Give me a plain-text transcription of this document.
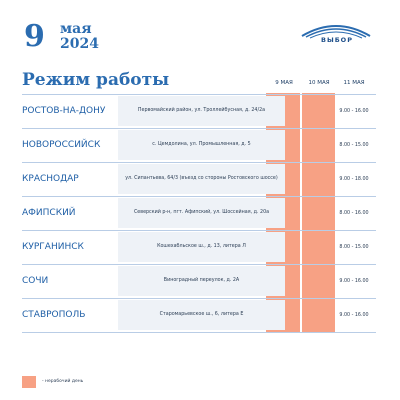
9 мая
2024	ВЫБОР
Режим работы	9 МАЯ	10 МАЯ	11 МАЯ
РОСТОВ-НА-ДОНУ	Первомайский район, ул. Троллейбусная, д. 24/2а	9.00 - 16.00
НОВОРОССИЙСК	с. Цемдолина, ул. Промышленная, д. 5	8.00 - 15.00
КРАСНОДАР	ул. Сипантьева, 64/3 (въезд со стороны Ростовского шоссе)	9.00 - 18.00
АФИПСКИЙ	Северский р-н, пгт. Афипский, ул. Шоссейная, д. 20а	8.00 - 16.00
КУРГАНИНСК	Кошехабльское ш., д. 13, литера Л	8.00 - 15.00
СОЧИ	Виноградный переулок, д. 2А	9.00 - 16.00
СТАВРОПОЛЬ	Старомарьевское ш., 6, литера Е	9.00 - 16.00
- нерабочий день
